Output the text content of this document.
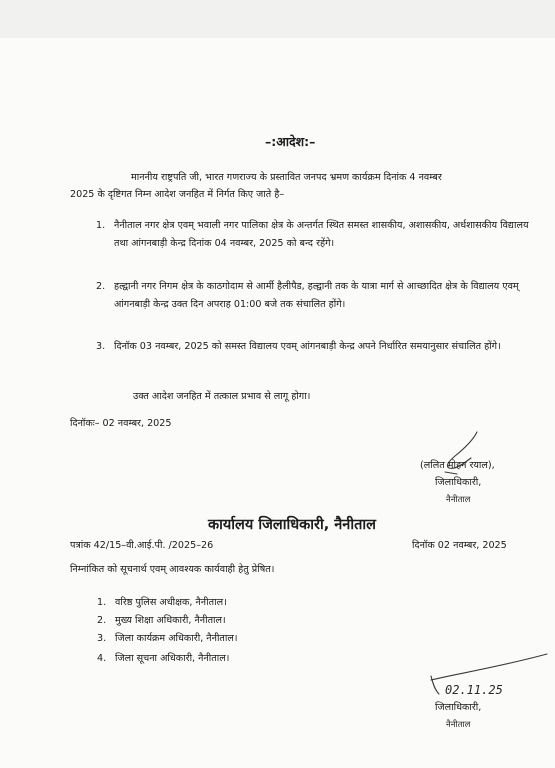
–:आदेश:–
माननीय राष्ट्रपति जी, भारत गणराज्य के प्रस्तावित जनपद भ्रमण कार्यक्रम दिनांक 4 नवम्बर
2025 के दृष्टिगत निम्न आदेश जनहित में निर्गत किए जाते है–
1. नैनीताल नगर क्षेत्र एवम् भवाली नगर पालिका क्षेत्र के अन्तर्गत स्थित समस्त शासकीय, अशासकीय, अर्धशासकीय विद्यालय तथा आंगनबाड़ी केन्द्र दिनांक 04 नवम्बर, 2025 को बन्द रहेंगे।
2. हल्द्वानी नगर निगम क्षेत्र के काठगोदाम से आर्मी हैलीपैड, हल्द्वानी तक के यात्रा मार्ग से आच्छादित क्षेत्र के विद्यालय एवम् आंगनबाड़ी केन्द्र उक्त दिन अपराह 01:00 बजे तक संचालित होंगे।
3. दिनॉक 03 नवम्बर, 2025 को समस्त विद्यालय एवम् आंगनबाड़ी केन्द्र अपने निर्धारित समयानुसार संचालित होंगे।
उक्त आदेश जनहित में तत्काल प्रभाव से लागू होगा।
दिनॉकः– 02 नवम्बर, 2025
(ललित मोहन रयाल),
जिलाधिकारी,
नैनीताल
कार्यालय जिलाधिकारी, नैनीताल
पत्रांक 42/15–वी.आई.पी. /2025–26	दिनॉक 02 नवम्बर, 2025
निम्नांकित को सूचनार्थ एवम् आवश्यक कार्यवाही हेतु प्रेषित।
1. वरिष्ठ पुलिस अधीक्षक, नैनीताल।
2. मुख्य शिक्षा अधिकारी, नैनीताल।
3. जिला कार्यक्रम अधिकारी, नैनीताल।
4. जिला सूचना अधिकारी, नैनीताल।
02.11.25
जिलाधिकारी,
नैनीताल
